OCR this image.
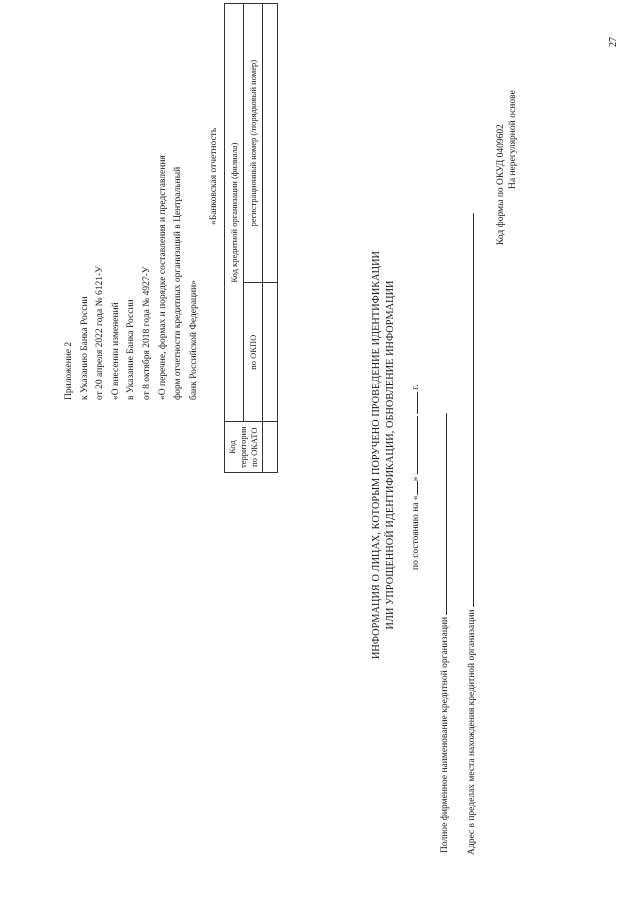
27
Приложение 2 к Указанию Банка России от 20 апреля 2022 года № 6121-У «О внесении изменений в Указание Банка России от 8 октября 2018 года № 4927-У «О перечне, формах и порядке составления и представления форм отчетности кредитных организаций в Центральный банк Российской Федерации»
«Банковская отчетность
Код территории по ОКАТО	Код кредитной организации (филиала)	
	по ОКПО	регистрационный номер (/порядковый номер)

ИНФОРМАЦИЯ О ЛИЦАХ, КОТОРЫМ ПОРУЧЕНО ПРОВЕДЕНИЕ ИДЕНТИФИКАЦИИ ИЛИ УПРОЩЕННОЙ ИДЕНТИФИКАЦИИ, ОБНОВЛЕНИЕ ИНФОРМАЦИИ	по состоянию на «»   г.
Полное фирменное наименование кредитной организации	Адрес в пределах места нахождения кредитной организации
Код формы по ОКУД 0409602 На нерегулярной основе
